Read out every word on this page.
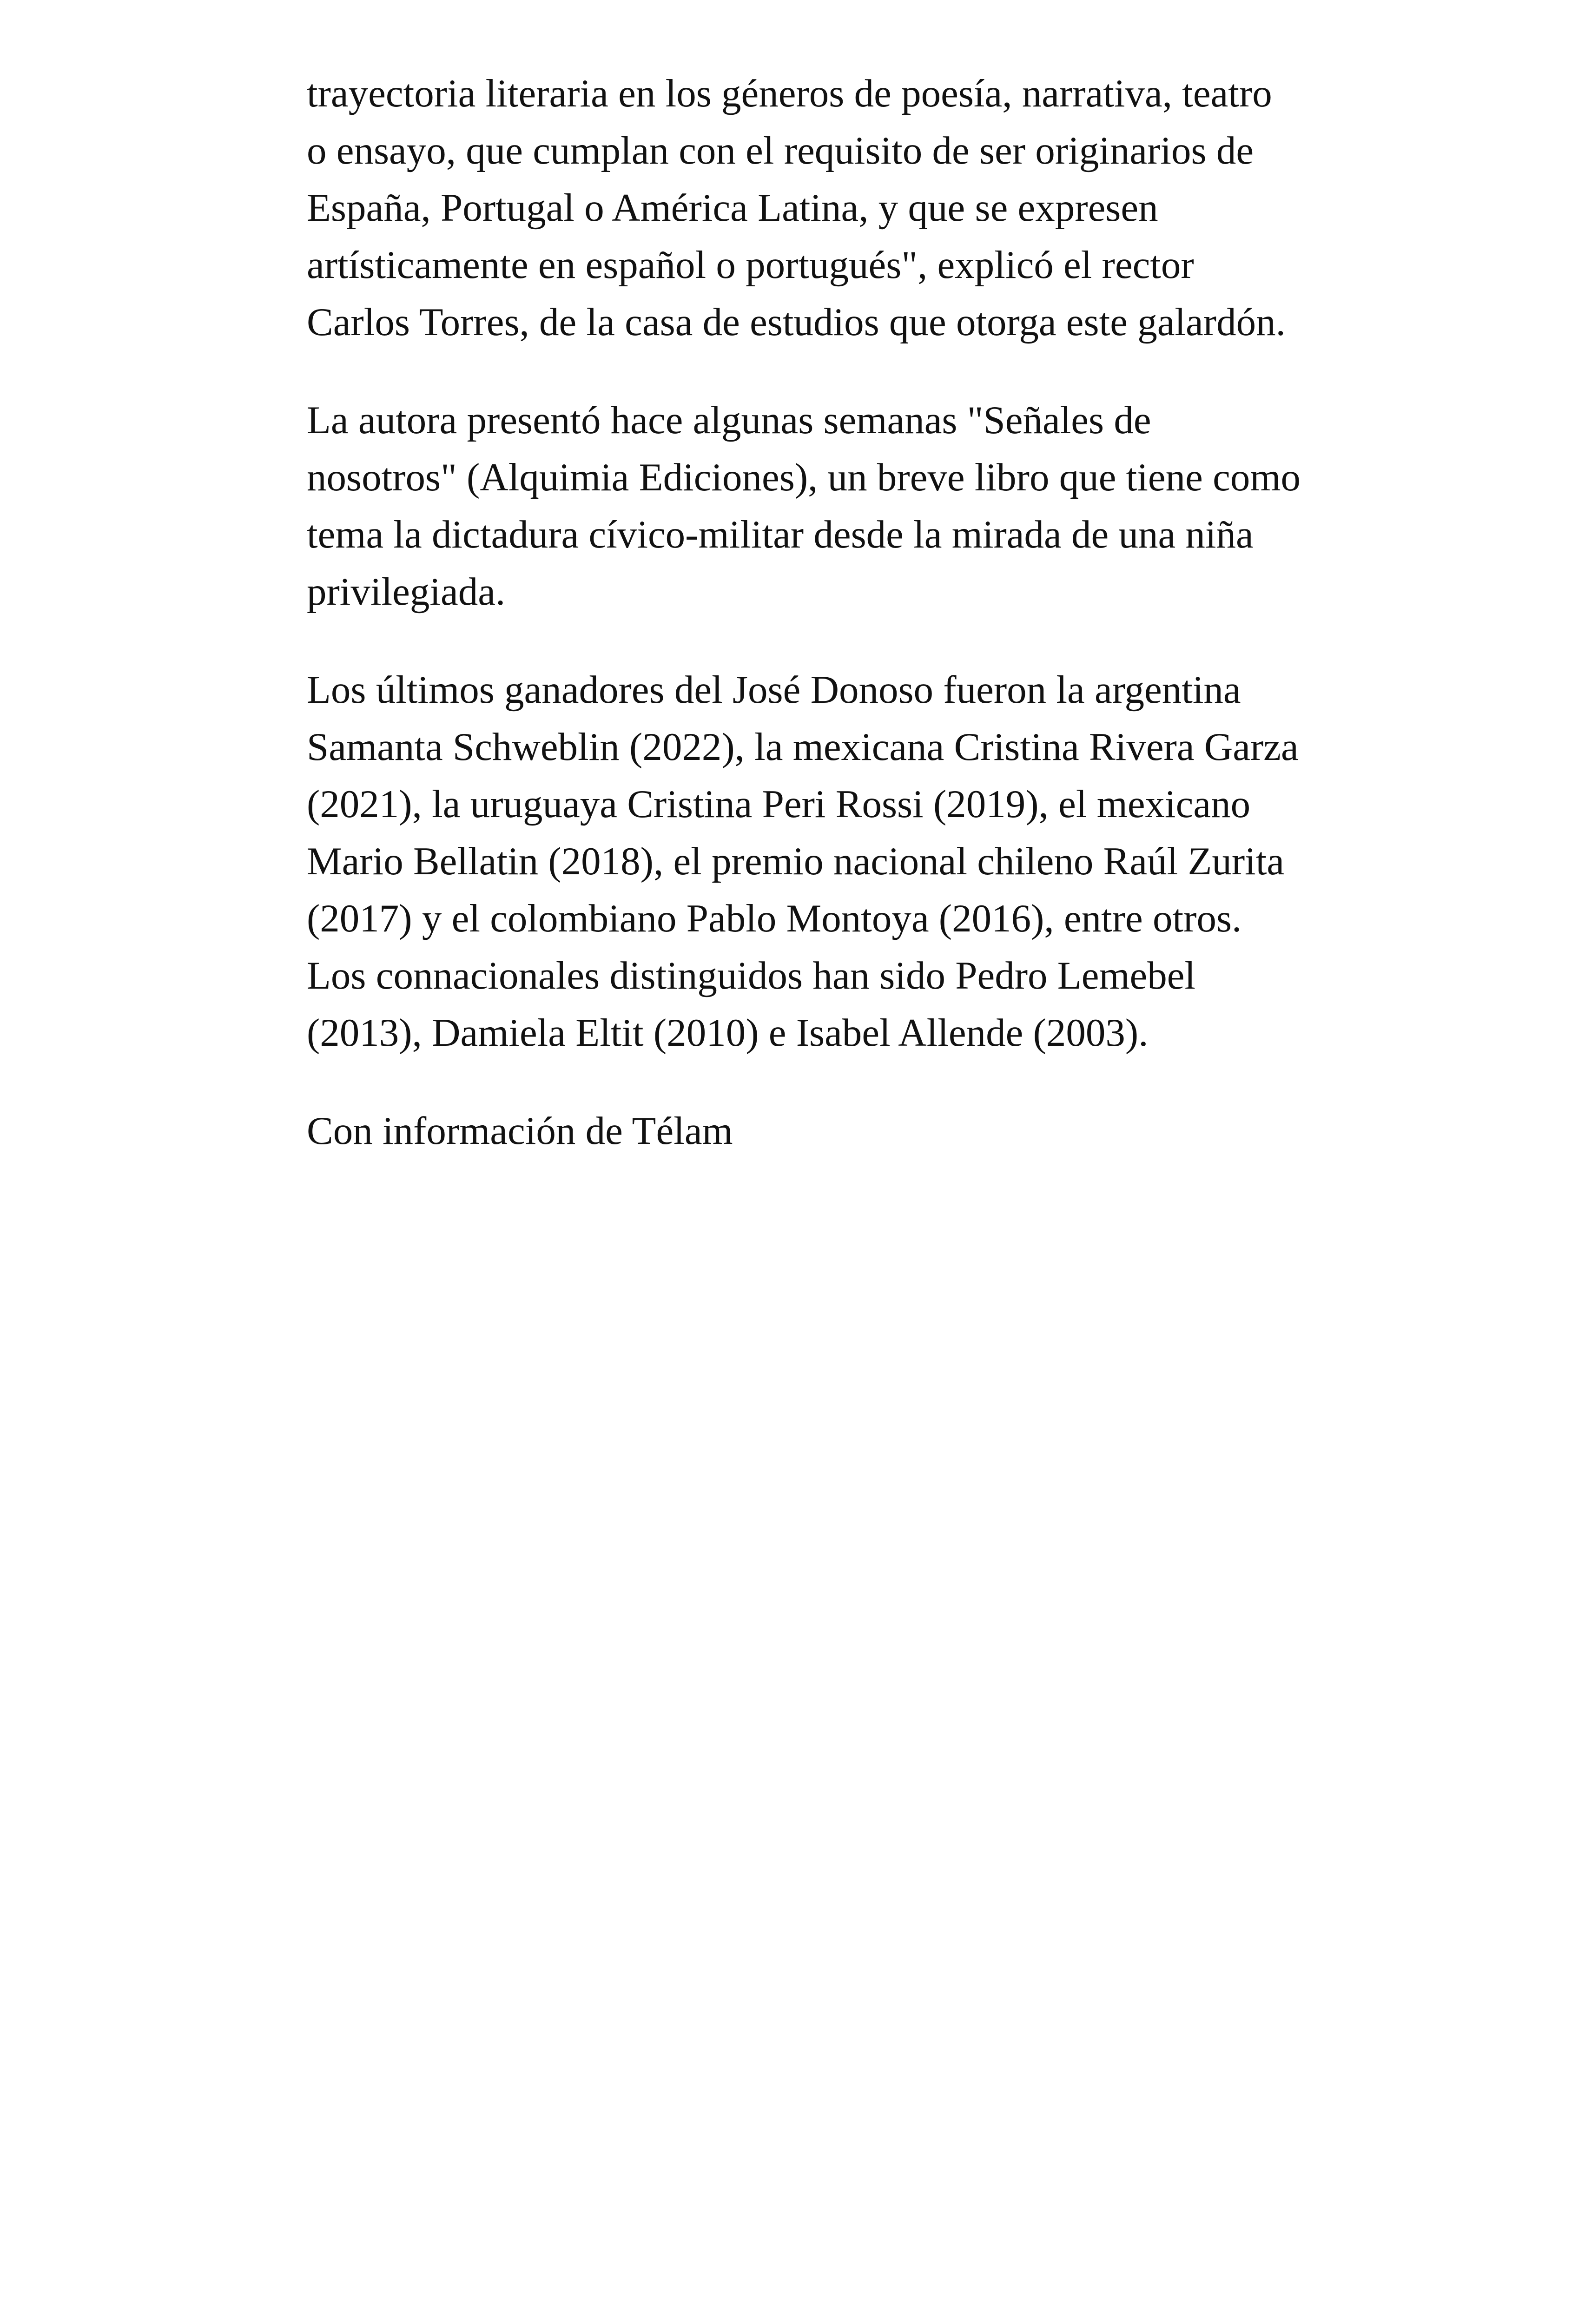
trayectoria literaria en los géneros de poesía, narrativa, teatro o ensayo, que cumplan con el requisito de ser originarios de España, Portugal o América Latina, y que se expresen artísticamente en español o portugués", explicó el rector Carlos Torres, de la casa de estudios que otorga este galardón.

La autora presentó hace algunas semanas "Señales de nosotros" (Alquimia Ediciones), un breve libro que tiene como tema la dictadura cívico-militar desde la mirada de una niña privilegiada.

Los últimos ganadores del José Donoso fueron la argentina Samanta Schweblin (2022), la mexicana Cristina Rivera Garza (2021), la uruguaya Cristina Peri Rossi (2019), el mexicano Mario Bellatin (2018), el premio nacional chileno Raúl Zurita (2017) y el colombiano Pablo Montoya (2016), entre otros. Los connacionales distinguidos han sido Pedro Lemebel (2013), Damiela Eltit (2010) e Isabel Allende (2003).

Con información de Télam
